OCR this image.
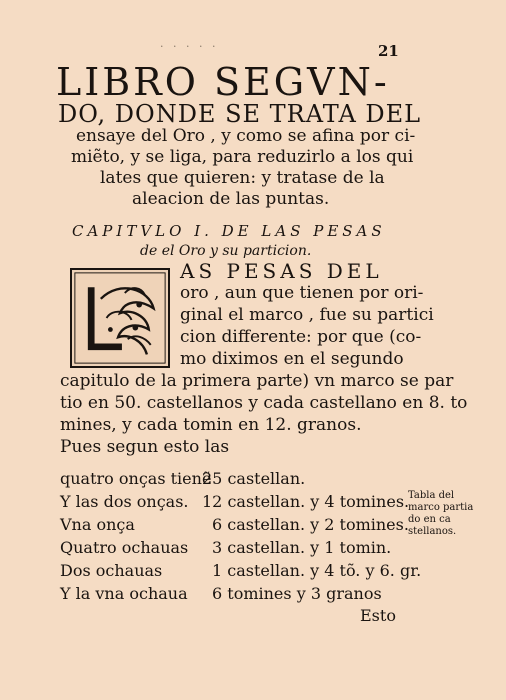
· · · · ·	21
LIBRO SEGVN-
DO, DONDE SE TRATA DEL
ensaye del Oro , y como se afina por ci-
miẽto, y se liga, para reduzirlo a los qui
lates que quieren: y tratase de la
aleacion de las puntas.
CAPITVLO I. DE LAS PESAS
de el Oro y su particion.
AS PESAS DEL
oro , aun que tienen por ori-
ginal el marco , fue su partici
cion differente: por que (co-
mo diximos en el segundo
capitulo de la primera parte) vn marco se par
tio en 50. castellanos y cada castellano en 8. to
mines, y cada tomin en 12. granos.
Pues segun esto las
quatro onças tienẽ
25 castellan.
Y las dos onças. 12 castellan. y 4 tomines.
Vna onça	6 castellan. y 2 tomines.
Quatro ochauas 3 castellan. y 1 tomin.
Dos ochauas	1 castellan. y 4 tõ. y 6. gr.
Y la vna ochaua 6 tomines y 3 granos
Tabla del
marco partia
do en ca
stellanos.
Esto
